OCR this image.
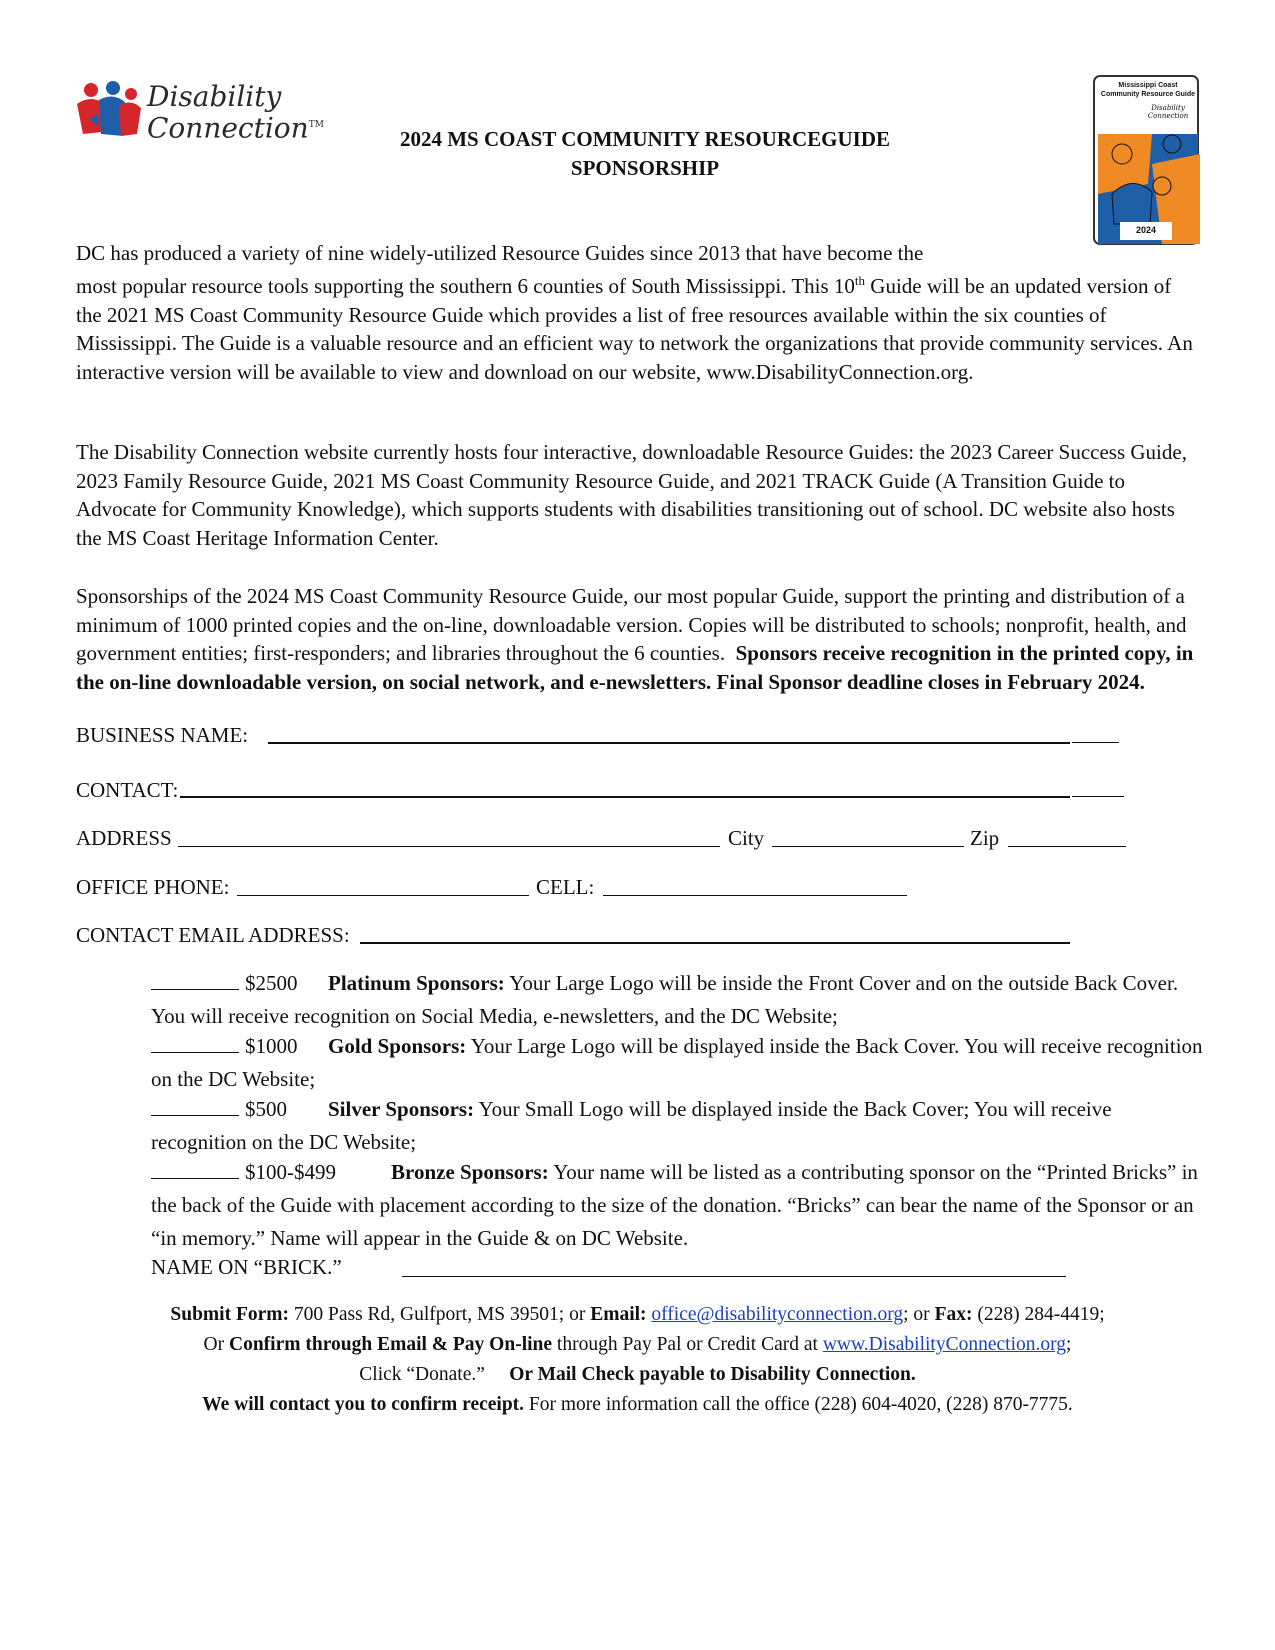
Disability
Connection™
2024 MS COAST COMMUNITY RESOURCEGUIDE
SPONSORSHIP
Mississippi Coast
Community Resource Guide
Disability Connection
2024

DC has produced a variety of nine widely-utilized Resource Guides since 2013 that have become the

most popular resource tools supporting the southern 6 counties of South Mississippi. This 10th Guide will be an updated version of the 2021 MS Coast Community Resource Guide which provides a list of free resources available within the six counties of Mississippi. The Guide is a valuable resource and an efficient way to network the organizations that provide community services. An interactive version will be available to view and download on our website, www.DisabilityConnection.org.

The Disability Connection website currently hosts four interactive, downloadable Resource Guides: the 2023 Career Success Guide, 2023 Family Resource Guide, 2021 MS Coast Community Resource Guide, and 2021 TRACK Guide (A Transition Guide to Advocate for Community Knowledge), which supports students with disabilities transitioning out of school. DC website also hosts the MS Coast Heritage Information Center.

Sponsorships of the 2024 MS Coast Community Resource Guide, our most popular Guide, support the printing and distribution of a minimum of 1000 printed copies and the on-line, downloadable version. Copies will be distributed to schools; nonprofit, health, and government entities; first-responders; and libraries throughout the 6 counties. Sponsors receive recognition in the printed copy, in the on-line downloadable version, on social network, and e-newsletters. Final Sponsor deadline closes in February 2024.

BUSINESS NAME:
CONTACT:
ADDRESS	City	Zip
OFFICE PHONE:	CELL:
CONTACT EMAIL ADDRESS:

$2500 Platinum Sponsors: Your Large Logo will be inside the Front Cover and on the outside Back Cover. You will receive recognition on Social Media, e-newsletters, and the DC Website;

$1000 Gold Sponsors: Your Large Logo will be displayed inside the Back Cover. You will receive recognition on the DC Website;

$500 Silver Sponsors: Your Small Logo will be displayed inside the Back Cover; You will receive recognition on the DC Website;

$100-$499	Bronze Sponsors: Your name will be listed as a contributing sponsor on the “Printed Bricks” in the back of the Guide with placement according to the size of the donation. “Bricks” can bear the name of the Sponsor or an “in memory.” Name will appear in the Guide & on DC Website.

NAME ON “BRICK.”
Submit Form: 700 Pass Rd, Gulfport, MS 39501; or Email: office@disabilityconnection.org; or Fax: (228) 284-4419;
Or Confirm through Email & Pay On-line through Pay Pal or Credit Card at www.DisabilityConnection.org;
Click “Donate.” Or Mail Check payable to Disability Connection.
We will contact you to confirm receipt. For more information call the office (228) 604-4020, (228) 870-7775.
